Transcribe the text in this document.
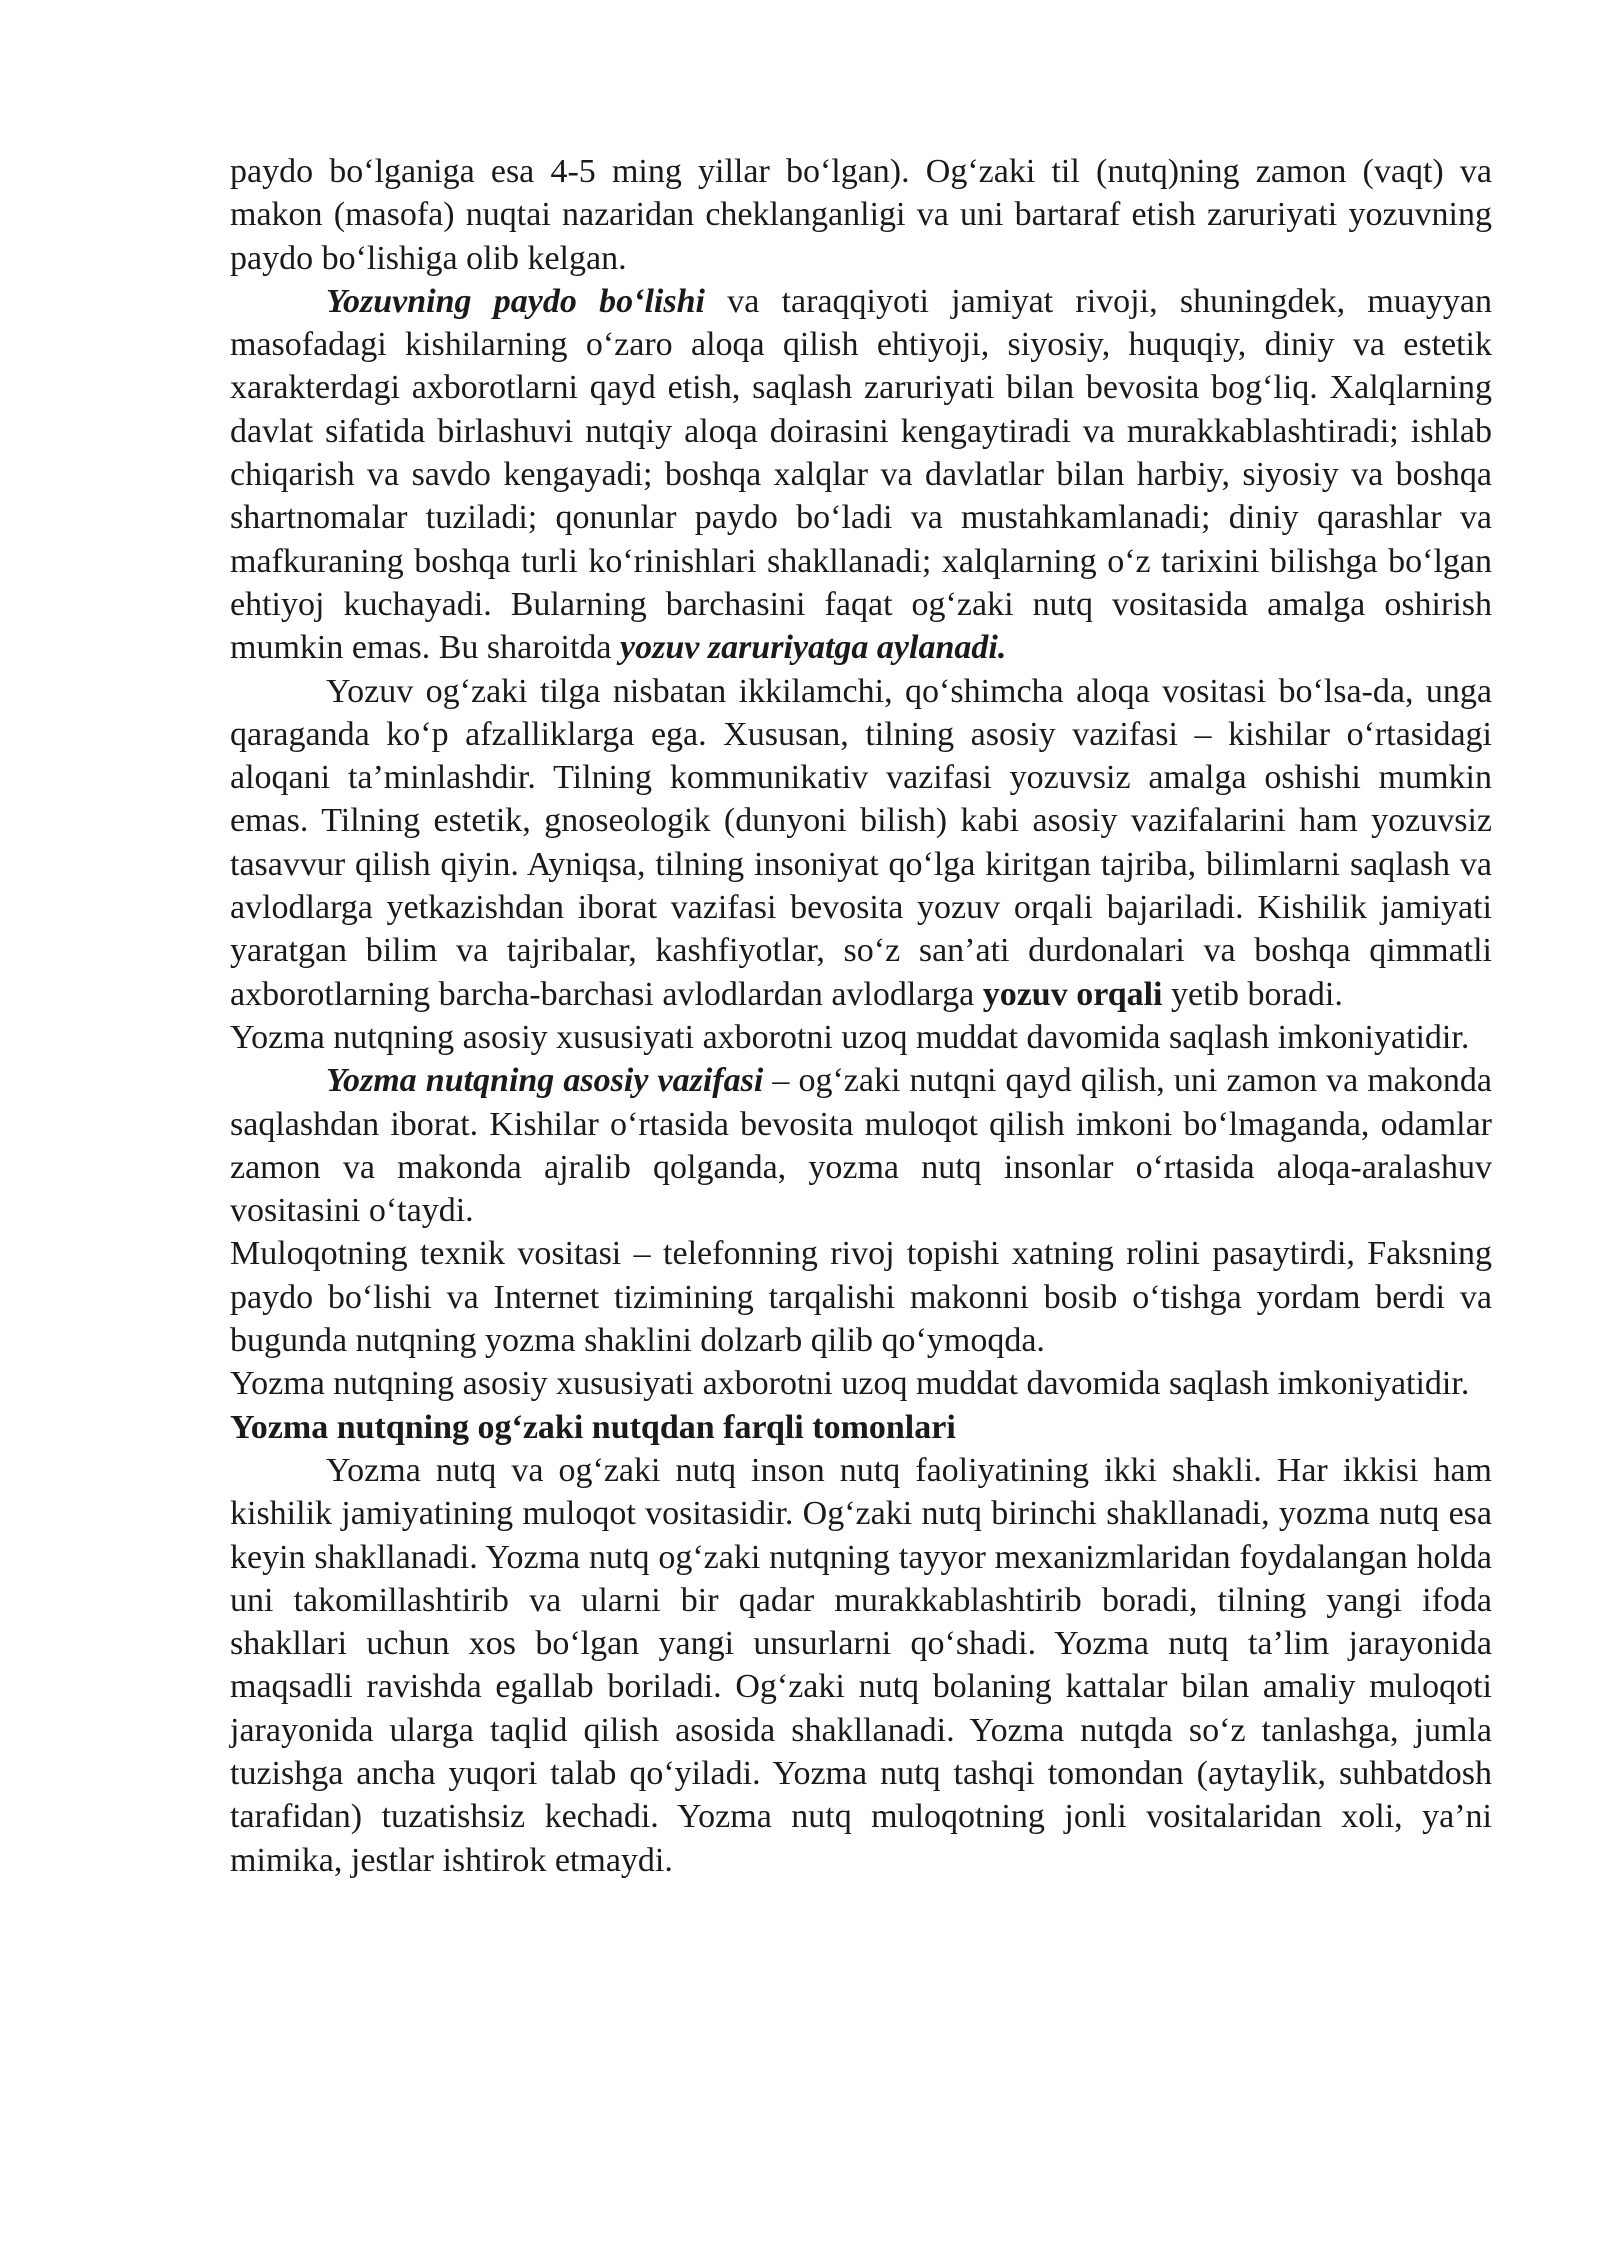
paydo bo‘lganiga esa 4-5 ming yillar bo‘lgan). Og‘zaki til (nutq)ning zamon (vaqt) va makon (masofa) nuqtai nazaridan cheklanganligi va uni bartaraf etish zaruriyati yozuvning paydo bo‘lishiga olib kelgan.

Yozuvning paydo bo‘lishi va taraqqiyoti jamiyat rivoji, shuningdek, muayyan masofadagi kishilarning o‘zaro aloqa qilish ehtiyoji, siyosiy, huquqiy, diniy va estetik xarakterdagi axborotlarni qayd etish, saqlash zaruriyati bilan bevosita bog‘liq. Xalqlarning davlat sifatida birlashuvi nutqiy aloqa doirasini kengaytiradi va murakkablashtiradi; ishlab chiqarish va savdo kengayadi; boshqa xalqlar va davlatlar bilan harbiy, siyosiy va boshqa shartnomalar tuziladi; qonunlar paydo bo‘ladi va mustahkamlanadi; diniy qarashlar va mafkuraning boshqa turli ko‘rinishlari shakllanadi; xalqlarning o‘z tarixini bilishga bo‘lgan ehtiyoj kuchayadi. Bularning barchasini faqat og‘zaki nutq vositasida amalga oshirish mumkin emas. Bu sharoitda yozuv zaruriyatga aylanadi.

Yozuv og‘zaki tilga nisbatan ikkilamchi, qo‘shimcha aloqa vositasi bo‘lsa-da, unga qaraganda ko‘p afzalliklarga ega. Xususan, tilning asosiy vazifasi – kishilar o‘rtasidagi aloqani ta’minlashdir. Tilning kommunikativ vazifasi yozuvsiz amalga oshishi mumkin emas. Tilning estetik, gnoseologik (dunyoni bilish) kabi asosiy vazifalarini ham yozuvsiz tasavvur qilish qiyin. Ayniqsa, tilning insoniyat qo‘lga kiritgan tajriba, bilimlarni saqlash va avlodlarga yetkazishdan iborat vazifasi bevosita yozuv orqali bajariladi. Kishilik jamiyati yaratgan bilim va tajribalar, kashfiyotlar, so‘z san’ati durdonalari va boshqa qimmatli axborotlarning barcha-barchasi avlodlardan avlodlarga yozuv orqali yetib boradi.

Yozma nutqning asosiy xususiyati axborotni uzoq muddat davomida saqlash imkoniyatidir.

Yozma nutqning asosiy vazifasi – og‘zaki nutqni qayd qilish, uni zamon va makonda saqlashdan iborat. Kishilar o‘rtasida bevosita muloqot qilish imkoni bo‘lmaganda, odamlar zamon va makonda ajralib qolganda, yozma nutq insonlar o‘rtasida aloqa-aralashuv vositasini o‘taydi.

Muloqotning texnik vositasi – telefonning rivoj topishi xatning rolini pasaytirdi, Faksning paydo bo‘lishi va Internet tizimining tarqalishi makonni bosib o‘tishga yordam berdi va bugunda nutqning yozma shaklini dolzarb qilib qo‘ymoqda.

Yozma nutqning asosiy xususiyati axborotni uzoq muddat davomida saqlash imkoniyatidir.

Yozma nutqning og‘zaki nutqdan farqli tomonlari

Yozma nutq va og‘zaki nutq inson nutq faoliyatining ikki shakli. Har ikkisi ham kishilik jamiyatining muloqot vositasidir. Og‘zaki nutq birinchi shakllanadi, yozma nutq esa keyin shakllanadi. Yozma nutq og‘zaki nutqning tayyor mexanizmlaridan foydalangan holda uni takomillashtirib va ularni bir qadar murakkablashtirib boradi, tilning yangi ifoda shakllari uchun xos bo‘lgan yangi unsurlarni qo‘shadi. Yozma nutq ta’lim jarayonida maqsadli ravishda egallab boriladi. Og‘zaki nutq bolaning kattalar bilan amaliy muloqoti jarayonida ularga taqlid qilish asosida shakllanadi. Yozma nutqda so‘z tanlashga, jumla tuzishga ancha yuqori talab qo‘yiladi. Yozma nutq tashqi tomondan (aytaylik, suhbatdosh tarafidan) tuzatishsiz kechadi. Yozma nutq muloqotning jonli vositalaridan xoli, ya’ni mimika, jestlar ishtirok etmaydi.
